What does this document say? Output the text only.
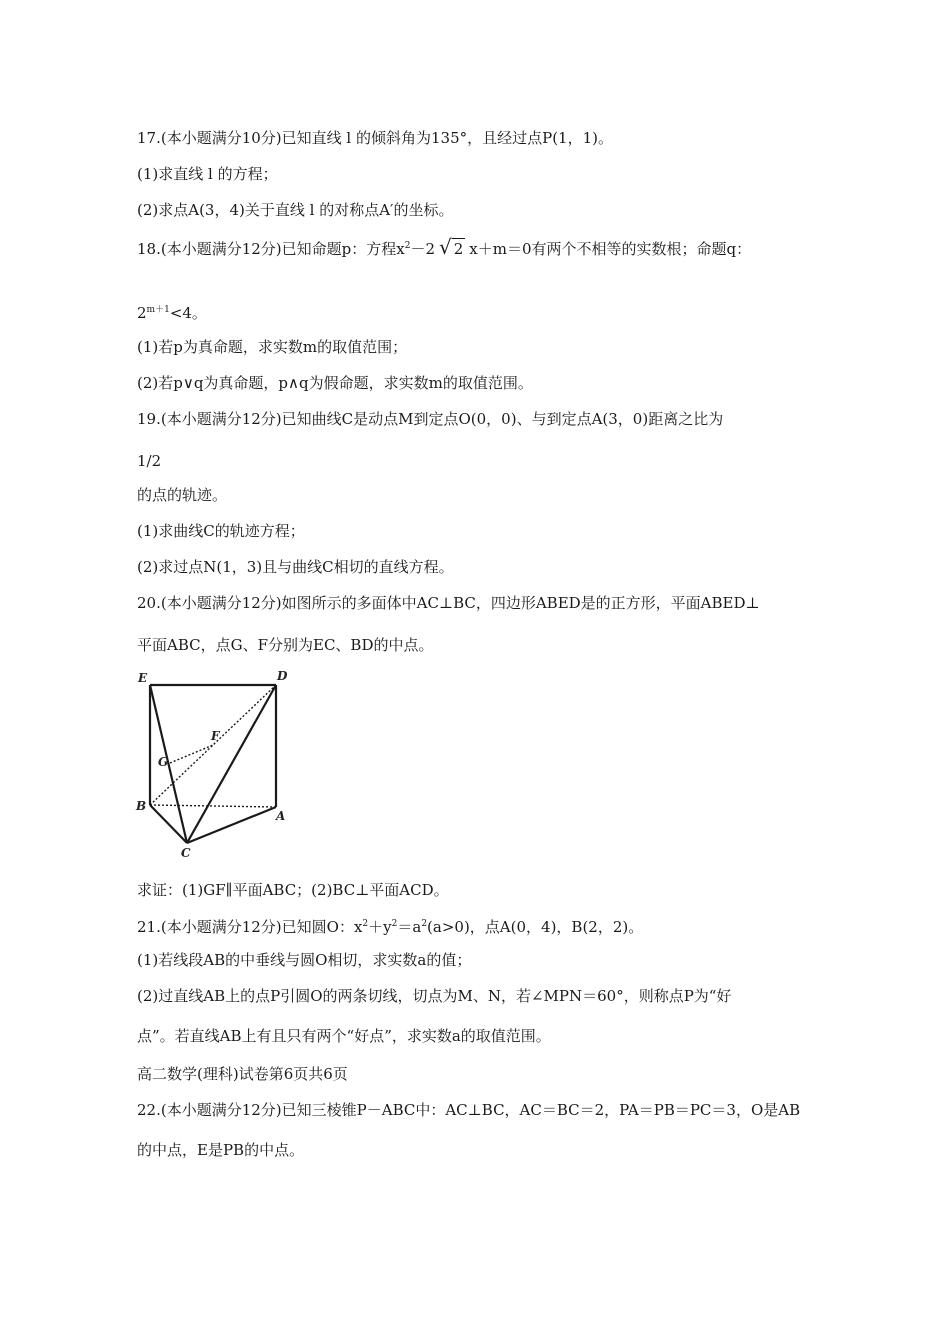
17.(本小题满分10分)已知直线 l 的倾斜角为135°，且经过点P(1，1)。
(1)求直线 l 的方程；
(2)求点A(3，4)关于直线 l 的对称点A′的坐标。
18.(本小题满分12分)已知命题p：方程$x^2-2$ √ 2 x＋m＝0有两个不相等的实数根；命题q：
$2^{m+1}<4$。
(1)若p为真命题，求实数m的取值范围；
(2)若p∨q为真命题，p∧q为假命题，求实数m的取值范围。
19.(本小题满分12分)已知曲线C是动点M到定点O(0，0)、与到定点A(3，0)距离之比为
1/2
的点的轨迹。
(1)求曲线C的轨迹方程；
(2)求过点N(1，3)且与曲线C相切的直线方程。
20.(本小题满分12分)如图所示的多面体中AC⊥BC，四边形ABED是的正方形，平面ABED⊥
平面ABC，点G、F分别为EC、BD的中点。
E	D
F
G
B
A
C
求证：(1)GF∥平面ABC；(2)BC⊥平面ACD。
21.(本小题满分12分)已知圆O：$x^2+y^2=a^2(a>0)$，点A(0，4)，B(2，2)。
(1)若线段AB的中垂线与圆O相切，求实数a的值；
(2)过直线AB上的点P引圆O的两条切线，切点为M、N，若∠MPN＝60°，则称点P为“好
点”。若直线AB上有且只有两个“好点”，求实数a的取值范围。
高二数学(理科)试卷第6页共6页
22.(本小题满分12分)已知三棱锥P－ABC中：AC⊥BC，AC＝BC＝2，PA＝PB＝PC＝3，O是AB
的中点，E是PB的中点。
